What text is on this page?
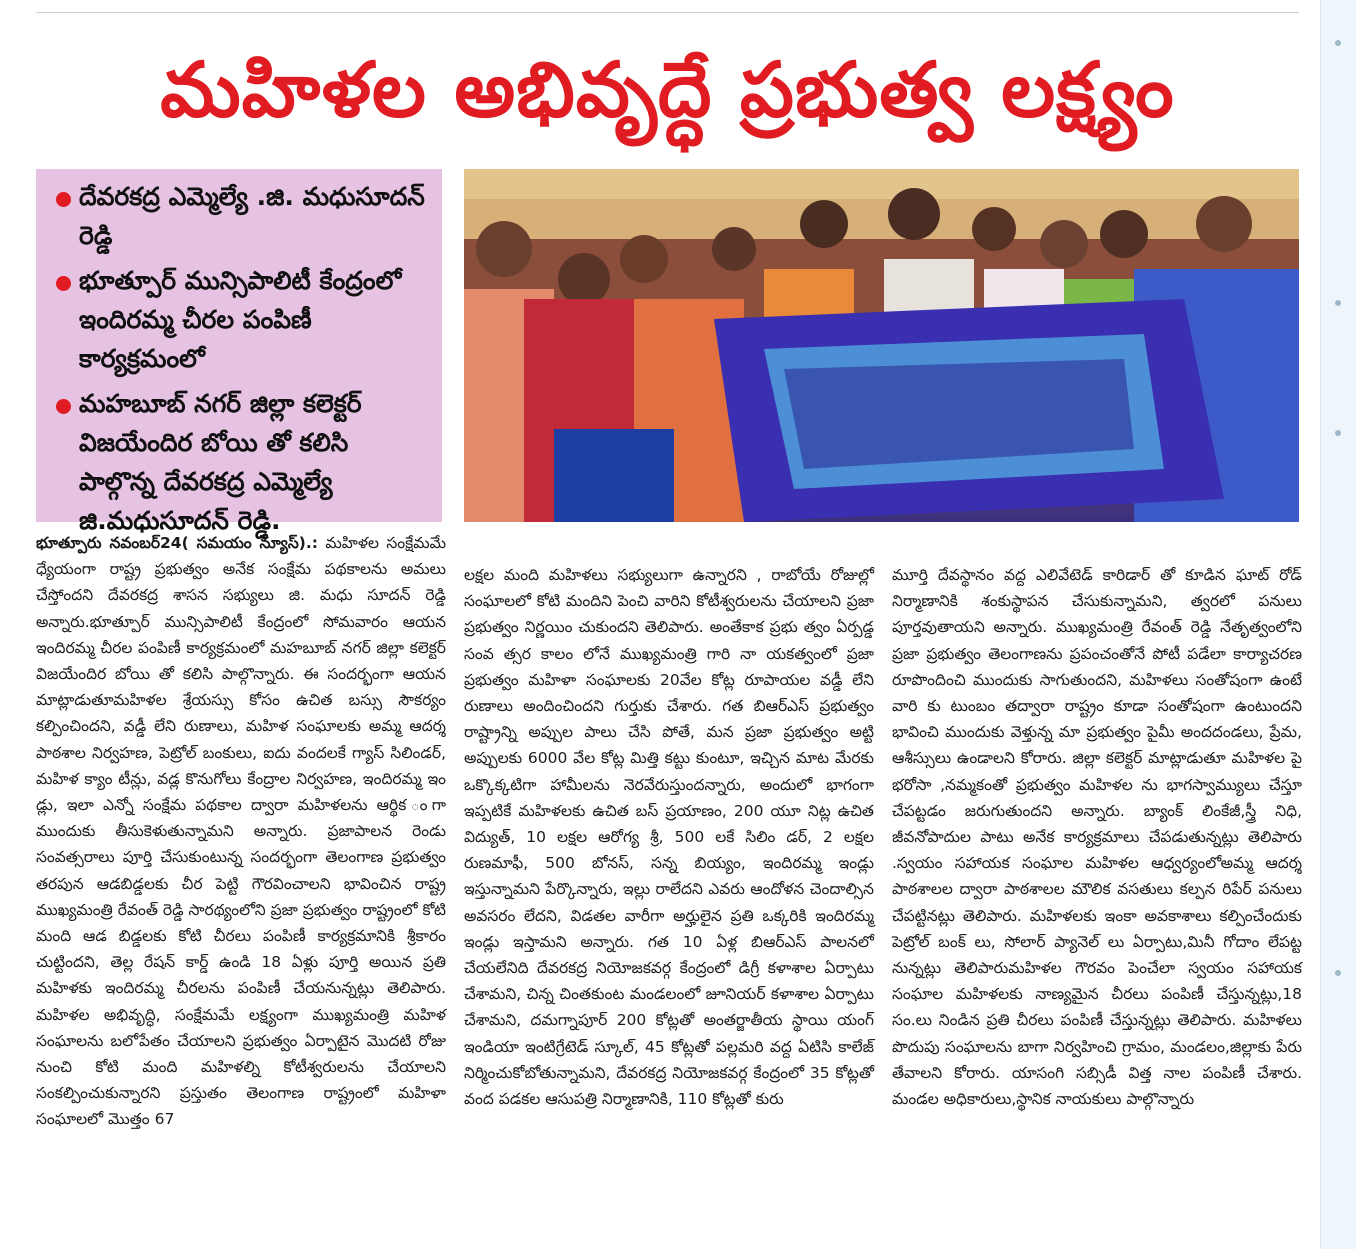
మహిళల అభివృద్ధే ప్రభుత్వ లక్ష్యం
దేవరకద్ర ఎమ్మెల్యే .జి. మధుసూదన్ రెడ్డి
భూత్పూర్ మున్సిపాలిటీ కేంద్రంలో ఇందిరమ్మ చీరల పంపిణీ కార్యక్రమంలో
మహబూబ్ నగర్ జిల్లా కలెక్టర్ విజయేందిర బోయి తో కలిసి పాల్గొన్న దేవరకద్ర ఎమ్మెల్యే జి.మధుసూదన్ రెడ్డి.
భూత్పూరు నవంబర్24( సమయం న్యూస్).: మహిళల సంక్షేమమే ధ్యేయంగా రాష్ట్ర ప్రభుత్వం అనేక సంక్షేమ పథకాలను అమలు చేస్తోందని దేవరకద్ర శాసన సభ్యులు జి. మధు సూదన్ రెడ్డి అన్నారు.భూత్పూర్ మున్సిపాలిటీ కేంద్రంలో సోమవారం ఆయన ఇందిరమ్మ చీరల పంపిణీ కార్యక్రమంలో మహబూబ్ నగర్ జిల్లా కలెక్టర్ విజయేందిర బోయి తో కలిసి పాల్గొన్నారు. ఈ సందర్భంగా ఆయన మాట్లాడుతూమహిళల శ్రేయస్సు కోసం ఉచిత బస్సు సౌకర్యం కల్పించిందని, వడ్డీ లేని రుణాలు, మహిళ సంఘాలకు అమ్మ ఆదర్శ పాఠశాల నిర్వహణ, పెట్రోల్ బంకులు, ఐదు వందలకే గ్యాస్ సిలిండర్, మహిళ క్యాం టీన్లు, వడ్ల కొనుగోలు కేంద్రాల నిర్వహణ, ఇందిరమ్మ ఇం డ్లు, ఇలా ఎన్నో సంక్షేమ పథకాల ద్వారా మహిళలను ఆర్థిక ంగా ముందుకు తీసుకెళుతున్నామని అన్నారు. ప్రజాపాలన రెండు సంవత్సరాలు పూర్తి చేసుకుంటున్న సందర్భంగా తెలంగాణ ప్రభుత్వం తరపున ఆడబిడ్డలకు చీర పెట్టి గౌరవించాలని భావించిన రాష్ట్ర ముఖ్యమంత్రి రేవంత్ రెడ్డి సారథ్యంలోని ప్రజా ప్రభుత్వం రాష్ట్రంలో కోటి మంది ఆడ బిడ్డలకు కోటి చీరలు పంపిణీ కార్యక్రమానికి శ్రీకారం చుట్టిందని, తెల్ల రేషన్ కార్డ్ ఉండి 18 ఏళ్లు పూర్తి అయిన ప్రతి మహిళకు ఇందిరమ్మ చీరలను పంపిణీ చేయనున్నట్లు తెలిపారు. మహిళల అభివృద్ధి, సంక్షేమమే లక్ష్యంగా ముఖ్యమంత్రి మహిళ సంఘాలను బలోపేతం చేయాలని ప్రభుత్వం ఏర్పాటైన మొదటి రోజు నుంచి కోటి మంది మహిళల్ని కోటీశ్వరులను చేయాలని సంకల్పించుకున్నారని ప్రస్తుతం తెలంగాణ రాష్ట్రంలో మహిళా సంఘాలలో మొత్తం 67
లక్షల మంది మహిళలు సభ్యులుగా ఉన్నారని , రాబోయే రోజుల్లో సంఘాలలో కోటి మందిని పెంచి వారిని కోటీశ్వరులను చేయాలని ప్రజా ప్రభుత్వం నిర్ణయిం చుకుందని తెలిపారు. అంతేకాక ప్రభు త్వం ఏర్పడ్డ సంవ త్సర కాలం లోనే ముఖ్యమంత్రి గారి నా యకత్వంలో ప్రజా ప్రభుత్వం మహిళా సంఘాలకు 20వేల కోట్ల రూపాయల వడ్డీ లేని రుణాలు అందించిందని గుర్తుకు చేశారు. గత బిఆర్ఎస్ ప్రభుత్వం రాష్ట్రాన్ని అప్పుల పాలు చేసి పోతే, మన ప్రజా ప్రభుత్వం అట్టి అప్పులకు 6000 వేల కోట్ల మిత్తి కట్టు కుంటూ, ఇచ్చిన మాట మేరకు ఒక్కొక్కటిగా హామీలను నెరవేరుస్తుందన్నారు, అందులో భాగంగా ఇప్పటికే మహిళలకు ఉచిత బస్ ప్రయాణం, 200 యూ నిట్ల ఉచిత విద్యుత్, 10 లక్షల ఆరోగ్య శ్రీ, 500 లకే సిలిం డర్, 2 లక్షల రుణమాఫీ, 500 బోనస్, సన్న బియ్యం, ఇందిరమ్మ ఇండ్లు ఇస్తున్నామని పేర్కొన్నారు, ఇల్లు రాలేదని ఎవరు ఆందోళన చెందాల్సిన అవసరం లేదని, విడతల వారీగా అర్హులైన ప్రతి ఒక్కరికి ఇందిరమ్మ ఇండ్లు ఇస్తామని అన్నారు. గత 10 ఏళ్ల బిఆర్ఎస్ పాలనలో చేయలేనిది దేవరకద్ర నియోజకవర్గ కేంద్రంలో డిగ్రీ కళాశాల ఏర్పాటు చేశామని, చిన్న చింతకుంట మండలంలో జూనియర్ కళాశాల ఏర్పాటు చేశామని, దమగ్నాపూర్ 200 కోట్లతో అంతర్జాతీయ స్థాయి యంగ్ ఇండియా ఇంటిగ్రేటెడ్ స్కూల్, 45 కోట్లతో పల్లమరి వద్ద ఏటిసి కాలేజ్ నిర్మించుకోబోతున్నామని, దేవరకద్ర నియోజకవర్గ కేంద్రంలో 35 కోట్లతో వంద పడకల ఆసుపత్రి నిర్మాణానికి, 110 కోట్లతో కురు
మూర్తి దేవస్థానం వద్ద ఎలివేటెడ్ కారిడార్ తో కూడిన ఘాట్ రోడ్ నిర్మాణానికి శంకుస్థాపన చేసుకున్నామని, త్వరలో పనులు పూర్తవుతాయని అన్నారు. ముఖ్యమంత్రి రేవంత్ రెడ్డి నేతృత్వంలోని ప్రజా ప్రభుత్వం తెలంగాణను ప్రపంచంతోనే పోటీ పడేలా కార్యాచరణ రూపొందించి ముందుకు సాగుతుందని, మహిళలు సంతోషంగా ఉంటే వారి కు టుంబం తద్వారా రాష్ట్రం కూడా సంతోషంగా ఉంటుందని భావించి ముందుకు వెళ్తున్న మా ప్రభుత్వం పైమీ అందదండలు, ప్రేమ, ఆశీస్సులు ఉండాలని కోరారు. జిల్లా కలెక్టర్ మాట్లాడుతూ మహిళల పై భరోసా ,నమ్మకంతో ప్రభుత్వం మహిళల ను భాగస్వామ్యులు చేస్తూ చేపట్టడం జరుగుతుందని అన్నారు. బ్యాంక్ లింకేజీ,స్త్రీ నిధి, జీవనోపాదుల పాటు అనేక కార్యక్రమాలు చేపడుతున్నట్లు తెలిపారు .స్వయం సహాయక సంఘాల మహిళల ఆధ్వర్యంలోఅమ్మ ఆదర్శ పాఠశాలల ద్వారా పాఠశాలల మౌలిక వసతులు కల్పన రిపేర్ పనులు చేపట్టినట్లు తెలిపారు. మహిళలకు ఇంకా అవకాశాలు కల్పించేందుకు పెట్రోల్ బంక్ లు, సోలార్ ప్యానెల్ లు ఏర్పాటు,మినీ గోదాం లేపట్ట నున్నట్లు తెలిపారుమహిళల గౌరవం పెంచేలా స్వయం సహాయక సంఘాల మహిళలకు నాణ్యమైన చీరలు పంపిణీ చేస్తున్నట్లు,18 సం.లు నిండిన ప్రతి చీరలు పంపిణీ చేస్తున్నట్లు తెలిపారు. మహిళలు పొదుపు సంఘాలను బాగా నిర్వహించి గ్రామం, మండలం,జిల్లాకు పేరు తేవాలని కోరారు. యాసంగి సబ్సిడీ విత్త నాల పంపిణీ చేశారు. మండల అధికారులు,స్థానిక నాయకులు పాల్గొన్నారు
